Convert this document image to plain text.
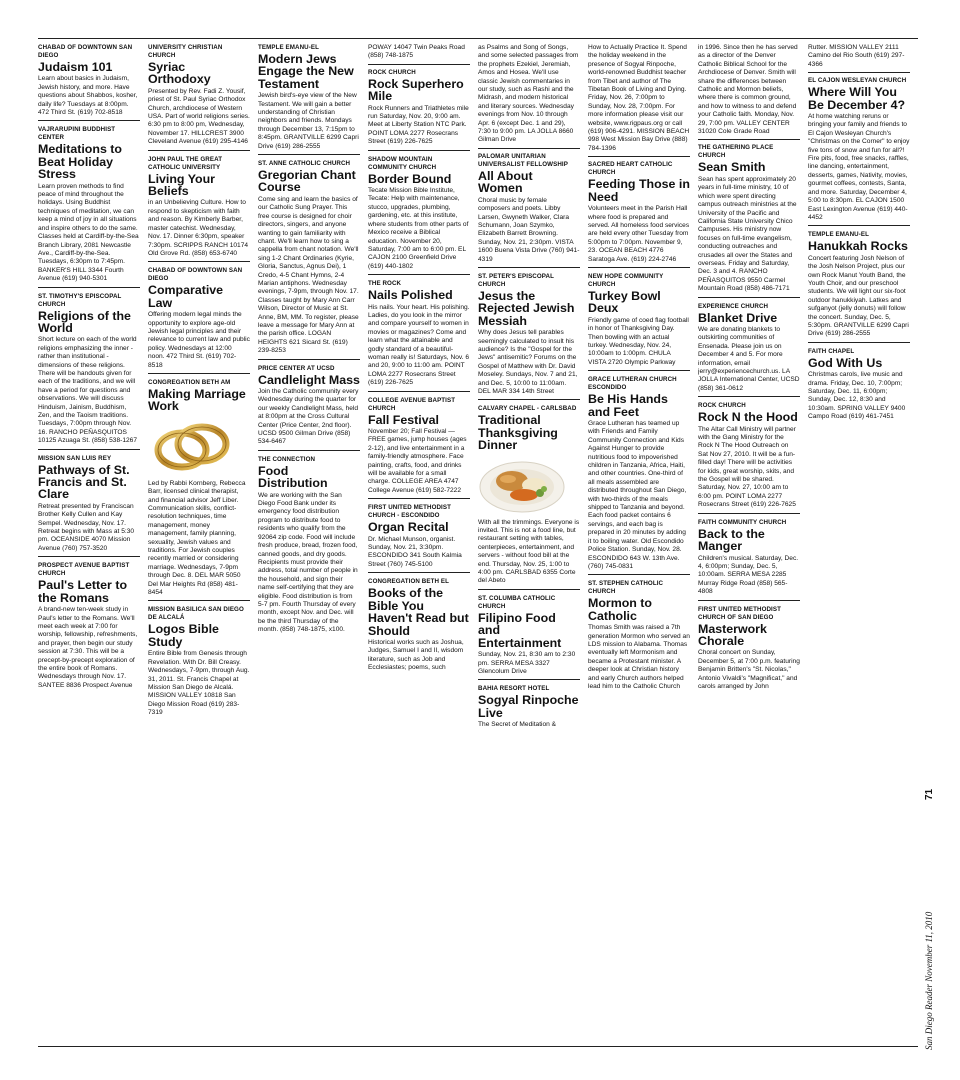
CHABAD OF DOWNTOWN SAN DIEGO
Judaism 101
Learn about basics in Judaism, Jewish history, and more. Have questions about Shabbos, kosher, daily life? Tuesdays at 8:00pm. 472 Third St. (619) 702-8518
VAJRARUPINI BUDDHIST CENTER
Meditations to Beat Holiday Stress
Learn proven methods to find peace of mind throughout the holidays. Using Buddhist techniques of meditation, we can keep a mind of joy in all situations and inspire others to do the same. Classes held at Cardiff-by-the-Sea Branch Library, 2081 Newcastle Ave., Cardiff-by-the-Sea. Tuesdays, 6:30pm to 7:45pm. BANKER'S HILL 3344 Fourth Avenue (619) 940-5301
ST. TIMOTHY'S EPISCOPAL CHURCH
Religions of the World
Short lecture on each of the world religions emphasizing the inner - rather than institutional - dimensions of these religions. There will be handouts given for each of the traditions, and we will have a period for questions and observations. We will discuss Hinduism, Jainism, Buddhism, Zen, and the Taoism traditions. Tuesdays, 7:00pm through Nov. 16. RANCHO PEÑASQUITOS 10125 Azuaga St. (858) 538-1267
MISSION SAN LUIS REY
Pathways of St. Francis and St. Clare
Retreat presented by Franciscan Brother Kelly Cullen and Kay Sempel. Wednesday, Nov. 17. Retreat begins with Mass at 5:30 pm. OCEANSIDE 4070 Mission Avenue (760) 757-3520
PROSPECT AVENUE BAPTIST CHURCH
Paul's Letter to the Romans
A brand-new ten-week study in Paul's letter to the Romans. We'll meet each week at 7:00 for worship, fellowship, refreshments, and prayer, then begin our study session at 7:30. This will be a precept-by-precept exploration of the entire book of Romans. Wednesdays through Nov. 17. SANTEE 8836 Prospect Avenue
UNIVERSITY CHRISTIAN CHURCH
Syriac Orthodoxy
Presented by Rev. Fadi Z. Yousif, priest of St. Paul Syriac Orthodox Church, archdiocese of Western USA. Part of world religions series. 6:30 pm to 8:00 pm, Wednesday, November 17. HILLCREST 3900 Cleveland Avenue (619) 295-4146
JOHN PAUL THE GREAT CATHOLIC UNIVERSITY
Living Your Beliefs
in an Unbelieving Culture. How to respond to skepticism with faith and reason. By Kimberly Barber, master catechist. Wednesday, Nov. 17. Dinner 6:30pm, speaker 7:30pm. SCRIPPS RANCH 10174 Old Grove Rd. (858) 653-6740
CHABAD OF DOWNTOWN SAN DIEGO
Comparative Law
Offering modern legal minds the opportunity to explore age-old Jewish legal principles and their relevance to current law and public policy. Wednesdays at 12:00 noon. 472 Third St. (619) 702-8518
CONGREGATION BETH AM
Making Marriage Work
Led by Rabbi Kornberg, Rebecca Barr, licensed clinical therapist, and financial advisor Jeff Liber. Communication skills, conflict-resolution techniques, time management, money management, family planning, sexuality, Jewish values and traditions. For Jewish couples recently married or considering marriage. Wednesdays, 7-9pm through Dec. 8. DEL MAR 5050 Del Mar Heights Rd (858) 481-8454
MISSION BASILICA SAN DIEGO DE ALCALÁ
Logos Bible Study
Entire Bible from Genesis through Revelation. With Dr. Bill Creasy. Wednesdays, 7-9pm, through Aug. 31, 2011. St. Francis Chapel at Mission San Diego de Alcalá. MISSION VALLEY 10818 San Diego Mission Road (619) 283-7319
TEMPLE EMANU-EL
Modern Jews Engage the New Testament
Jewish bird's-eye view of the New Testament. We will gain a better understanding of Christian neighbors and friends. Mondays through December 13, 7:15pm to 8:45pm. GRANTVILLE 6299 Capri Drive (619) 286-2555
ST. ANNE CATHOLIC CHURCH
Gregorian Chant Course
Come sing and learn the basics of our Catholic Sung Prayer. This free course is designed for choir directors, singers, and anyone wanting to gain familiarity with chant. We'll learn how to sing a cappella from chant notation. We'll sing 1-2 Chant Ordinaries (Kyrie, Gloria, Sanctus, Agnus Dei), 1 Credo, 4-5 Chant Hymns, 2-4 Marian antiphons. Wednesday evenings, 7-9pm, through Nov. 17. Classes taught by Mary Ann Carr Wilson, Director of Music at St. Anne, BM, MM. To register, please leave a message for Mary Ann at the parish office. LOGAN HEIGHTS 621 Sicard St. (619) 239-8253
PRICE CENTER AT UCSD
Candlelight Mass
Join the Catholic community every Wednesday during the quarter for our weekly Candlelight Mass, held at 8:00pm at the Cross Cultural Center (Price Center, 2nd floor). UCSD 9500 Gilman Drive (858) 534-6467
THE CONNECTION
Food Distribution
We are working with the San Diego Food Bank under its emergency food distribution program to distribute food to residents who qualify from the 92064 zip code. Food will include fresh produce, bread, frozen food, canned goods, and dry goods. Recipients must provide their address, total number of people in the household, and sign their name self-certifying that they are eligible. Food distribution is from 5-7 pm. Fourth Thursday of every month, except Nov. and Dec. will be the third Thursday of the month. (858) 748-1875, x100.
POWAY 14047 Twin Peaks Road (858) 748-1875
ROCK CHURCH
Rock Superhero Mile
Rock Runners and Triathletes mile run Saturday, Nov. 20, 9:00 am. Meet at Liberty Station NTC Park. POINT LOMA 2277 Rosecrans Street (619) 226-7625
SHADOW MOUNTAIN COMMUNITY CHURCH
Border Bound
Tecate Mission Bible Institute, Tecate: Help with maintenance, stucco, upgrades, plumbing, gardening, etc. at this institute, where students from other parts of Mexico receive a Biblical education. November 20, Saturday, 7:00 am to 6:00 pm. EL CAJON 2100 Greenfield Drive (619) 440-1802
THE ROCK
Nails Polished
His nails. Your heart. His polishing. Ladies, do you look in the mirror and compare yourself to women in movies or magazines? Come and learn what the attainable and godly standard of a beautiful-woman really is! Saturdays, Nov. 6 and 20, 9:00 to 11:00 am. POINT LOMA 2277 Rosecrans Street (619) 226-7625
COLLEGE AVENUE BAPTIST CHURCH
Fall Festival
November 20; Fall Festival — FREE games, jump houses (ages 2-12), and live entertainment in a family-friendly atmosphere. Face painting, crafts, food, and drinks will be available for a small charge. COLLEGE AREA 4747 College Avenue (619) 582-7222
FIRST UNITED METHODIST CHURCH - ESCONDIDO
Organ Recital
Dr. Michael Munson, organist. Sunday, Nov. 21, 3:30pm. ESCONDIDO 341 South Kalmia Street (760) 745-5100
CONGREGATION BETH EL
Books of the Bible You Haven't Read but Should
Historical works such as Joshua, Judges, Samuel I and II, wisdom literature, such as Job and Ecclesiastes; poems, such
as Psalms and Song of Songs, and some selected passages from the prophets Ezekiel, Jeremiah, Amos and Hosea. We'll use classic Jewish commentaries in our study, such as Rashi and the Midrash, and modern historical and literary sources. Wednesday evenings from Nov. 10 through Apr. 6 (except Dec. 1 and 29), 7:30 to 9:00 pm. LA JOLLA 8660 Gilman Drive
PALOMAR UNITARIAN UNIVERSALIST FELLOWSHIP
All About Women
Choral music by female composers and poets. Libby Larsen, Gwyneth Walker, Clara Schumann, Joan Szymko, Elizabeth Barrett Browning. Sunday, Nov. 21, 2:30pm. VISTA 1600 Buena Vista Drive (760) 941-4319
ST. PETER'S EPISCOPAL CHURCH
Jesus the Rejected Jewish Messiah
Why does Jesus tell parables seemingly calculated to insult his audience? Is the "Gospel for the Jews" antisemitic? Forums on the Gospel of Matthew with Dr. David Moseley. Sundays, Nov. 7 and 21, and Dec. 5, 10:00 to 11:00am. DEL MAR 334 14th Street
CALVARY CHAPEL - CARLSBAD
Traditional Thanksgiving Dinner
With all the trimmings. Everyone is invited. This is not a food line, but restaurant setting with tables, centerpieces, entertainment, and servers - without food bill at the end. Thursday, Nov. 25, 1:00 to 4:00 pm. CARLSBAD 6355 Corte del Abeto
ST. COLUMBA CATHOLIC CHURCH
Filipino Food and Entertainment
Sunday, Nov. 21, 8:30 am to 2:30 pm. SERRA MESA 3327 Glencolum Drive
BAHIA RESORT HOTEL
Sogyal Rinpoche Live
The Secret of Meditation &
How to Actually Practice It. Spend the holiday weekend in the presence of Sogyal Rinpoche, world-renowned Buddhist teacher from Tibet and author of The Tibetan Book of Living and Dying. Friday, Nov. 26, 7:00pm to Sunday, Nov. 28, 7:00pm. For more information please visit our website, www.rigpaus.org or call (619) 906-4291. MISSION BEACH 998 West Mission Bay Drive (888) 784-1396
SACRED HEART CATHOLIC CHURCH
Feeding Those in Need
Volunteers meet in the Parish Hall where food is prepared and served. All homeless food services are held every other Tuesday from 5:00pm to 7:00pm. November 9, 23. OCEAN BEACH 4776 Saratoga Ave. (619) 224-2746
NEW HOPE COMMUNITY CHURCH
Turkey Bowl Deux
Friendly game of coed flag football in honor of Thanksgiving Day. Then bowling with an actual turkey. Wednesday, Nov. 24, 10:00am to 1:00pm. CHULA VISTA 2720 Olympic Parkway
GRACE LUTHERAN CHURCH ESCONDIDO
Be His Hands and Feet
Grace Lutheran has teamed up with Friends and Family Community Connection and Kids Against Hunger to provide nutritious food to impoverished children in Tanzania, Africa, Haiti, and other countries. One-third of all meals assembled are distributed throughout San Diego, with two-thirds of the meals shipped to Tanzania and beyond. Each food packet contains 6 servings, and each bag is prepared in 20 minutes by adding it to boiling water. Old Escondido Police Station. Sunday, Nov. 28. ESCONDIDO 643 W. 13th Ave. (760) 745-0831
ST. STEPHEN CATHOLIC CHURCH
Mormon to Catholic
Thomas Smith was raised a 7th generation Mormon who served an LDS mission to Alabama. Thomas eventually left Mormonism and became a Protestant minister. A deeper look at Christian history and early Church authors helped lead him to the Catholic Church
in 1996. Since then he has served as a director of the Denver Catholic Biblical School for the Archdiocese of Denver. Smith will share the differences between Catholic and Mormon beliefs, where there is common ground, and how to witness to and defend your Catholic faith. Monday, Nov. 29, 7:00 pm. VALLEY CENTER 31020 Cole Grade Road
THE GATHERING PLACE CHURCH
Sean Smith
Sean has spent approximately 20 years in full-time ministry, 10 of which were spent directing campus outreach ministries at the University of the Pacific and California State University Chico Campuses. His ministry now focuses on full-time evangelism, conducting outreaches and crusades all over the States and overseas. Friday and Saturday, Dec. 3 and 4. RANCHO PEÑASQUITOS 9550 Carmel Mountain Road (858) 486-7171
EXPERIENCE CHURCH
Blanket Drive
We are donating blankets to outskirting communities of Ensenada. Please join us on December 4 and 5. For more information, email jerry@experiencechurch.us. LA JOLLA International Center, UCSD (858) 361-0612
ROCK CHURCH
Rock N the Hood
The Altar Call Ministry will partner with the Gang Ministry for the Rock N The Hood Outreach on Sat Nov 27, 2010. It will be a fun-filled day! There will be activities for kids, great worship, skits, and the Gospel will be shared. Saturday, Nov. 27, 10:00 am to 6:00 pm. POINT LOMA 2277 Rosecrans Street (619) 226-7625
FAITH COMMUNITY CHURCH
Back to the Manger
Children's musical. Saturday, Dec. 4, 6:00pm; Sunday, Dec. 5, 10:00am. SERRA MESA 2285 Murray Ridge Road (858) 565-4808
FIRST UNITED METHODIST CHURCH OF SAN DIEGO
Masterwork Chorale
Choral concert on Sunday, December 5, at 7:00 p.m. featuring Benjamin Britten's "St. Nicolas," Antonio Vivaldi's "Magnificat," and carols arranged by John
Rutter. MISSION VALLEY 2111 Camino del Rio South (619) 297-4366
EL CAJON WESLEYAN CHURCH
Where Will You Be December 4?
At home watching reruns or bringing your family and friends to El Cajon Wesleyan Church's "Christmas on the Corner" to enjoy five tons of snow and fun for all?! Fire pits, food, free snacks, raffles, line dancing, entertainment, desserts, games, Nativity, movies, gourmet coffees, contests, Santa, and more. Saturday, December 4, 5:00 to 8:30pm. EL CAJON 1500 East Lexington Avenue (619) 440-4452
TEMPLE EMANU-EL
Hanukkah Rocks
Concert featuring Josh Nelson of the Josh Nelson Project, plus our own Rock Manut Youth Band, the Youth Choir, and our preschool students. We will light our six-foot outdoor hanukkiyah. Latkes and sufganyot (jelly donuts) will follow the concert. Sunday, Dec. 5, 5:30pm. GRANTVILLE 6299 Capri Drive (619) 286-2555
FAITH CHAPEL
God With Us
Christmas carols, live music and drama. Friday, Dec. 10, 7:00pm; Saturday, Dec. 11, 6:00pm; Sunday, Dec. 12, 8:30 and 10:30am. SPRING VALLEY 9400 Campo Road (619) 461-7451
San Diego Reader November 11, 2010
71
